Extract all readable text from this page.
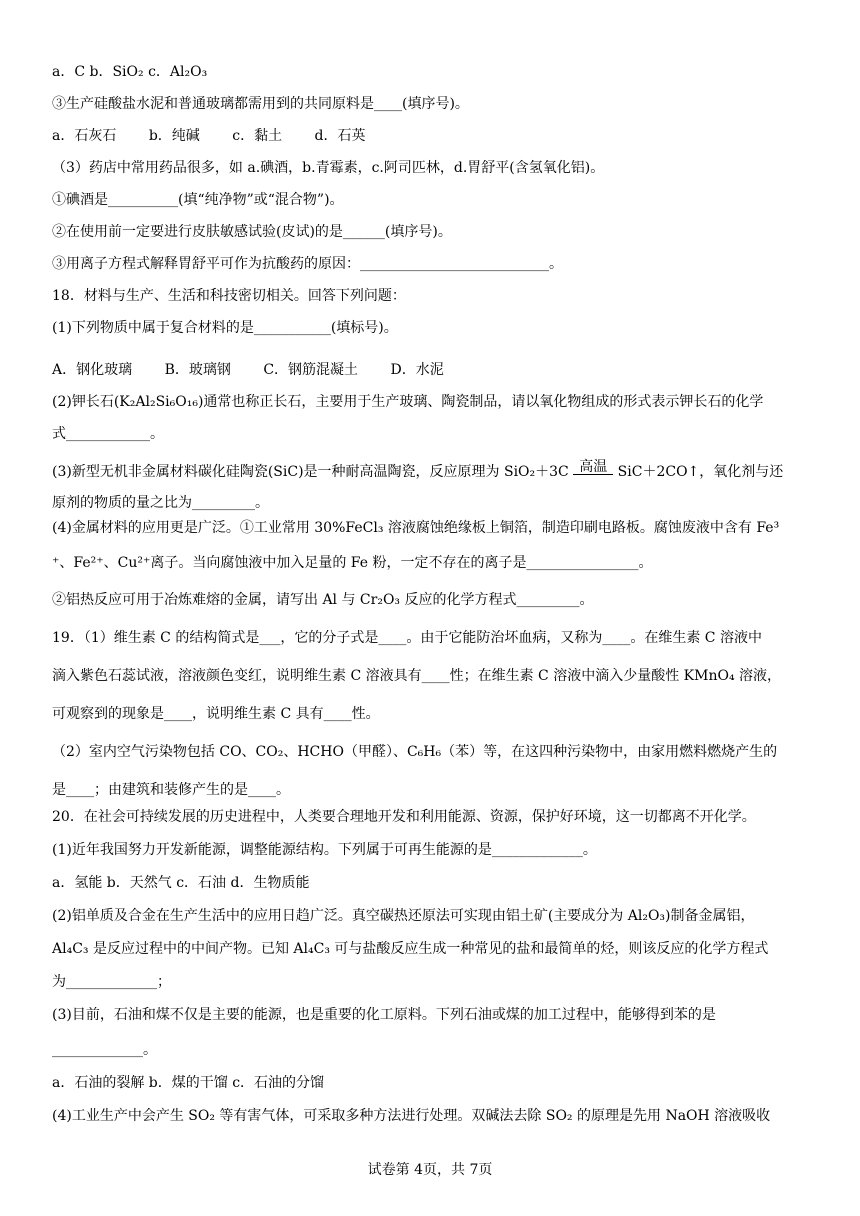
a．C b．SiO₂ c．Al₂O₃
③生产硅酸盐水泥和普通玻璃都需用到的共同原料是____(填序号)。
（3）药店中常用药品很多，如 a.碘酒，b.青霉素，c.阿司匹林，d.胃舒平(含氢氧化铝)。
①碘酒是__________(填“纯净物”或“混合物”)。
②在使用前一定要进行皮肤敏感试验(皮试)的是______(填序号)。
③用离子方程式解释胃舒平可作为抗酸药的原因：___________________________。
18．材料与生产、生活和科技密切相关。回答下列问题：
(1)下列物质中属于复合材料的是___________(填标号)。
(2)钾长石(K₂Al₂Si₆O₁₆)通常也称正长石，主要用于生产玻璃、陶瓷制品，请以氧化物组成的形式表示钾长石的化学
式____________。
原剂的物质的量之比为_________。
(4)金属材料的应用更是广泛。①工业常用 30%FeCl₃ 溶液腐蚀绝缘板上铜箔，制造印刷电路板。腐蚀废液中含有 Fe³
⁺、Fe²⁺、Cu²⁺离子。当向腐蚀液中加入足量的 Fe 粉，一定不存在的离子是________________。
②铝热反应可用于冶炼难熔的金属，请写出 Al 与 Cr₂O₃ 反应的化学方程式_________。
19．（1）维生素 C 的结构简式是___，它的分子式是____。由于它能防治坏血病，又称为____。在维生素 C 溶液中
滴入紫色石蕊试液，溶液颜色变红，说明维生素 C 溶液具有____性；在维生素 C 溶液中滴入少量酸性 KMnO₄ 溶液，
可观察到的现象是____，说明维生素 C 具有____性。
（2）室内空气污染物包括 CO、CO₂、HCHO（甲醛）、C₆H₆（苯）等，在这四种污染物中，由家用燃料燃烧产生的
是____；由建筑和装修产生的是____。
20．在社会可持续发展的历史进程中，人类要合理地开发和利用能源、资源，保护好环境，这一切都离不开化学。
(1)近年我国努力开发新能源，调整能源结构。下列属于可再生能源的是_____________。
a．氢能 b．天然气 c．石油 d．生物质能
(2)铝单质及合金在生产生活中的应用日趋广泛。真空碳热还原法可实现由铝土矿(主要成分为 Al₂O₃)制备金属铝，
Al₄C₃ 是反应过程中的中间产物。已知 Al₄C₃ 可与盐酸反应生成一种常见的盐和最简单的烃，则该反应的化学方程式
为_____________；
(3)目前，石油和煤不仅是主要的能源，也是重要的化工原料。下列石油或煤的加工过程中，能够得到苯的是
_____________。
a．石油的裂解 b．煤的干馏 c．石油的分馏
(4)工业生产中会产生 SO₂ 等有害气体，可采取多种方法进行处理。双碱法去除 SO₂ 的原理是先用 NaOH 溶液吸收
a．石灰石 b．纯碱 c．黏土 d．石英
A．钢化玻璃 B．玻璃钢 C．钢筋混凝土 D．水泥
(3)新型无机非金属材料碳化硅陶瓷(SiC)是一种耐高温陶瓷，反应原理为 SiO₂＋3C 高温 SiC＋2CO↑，氧化剂与还
试卷第 4页，共 7页
